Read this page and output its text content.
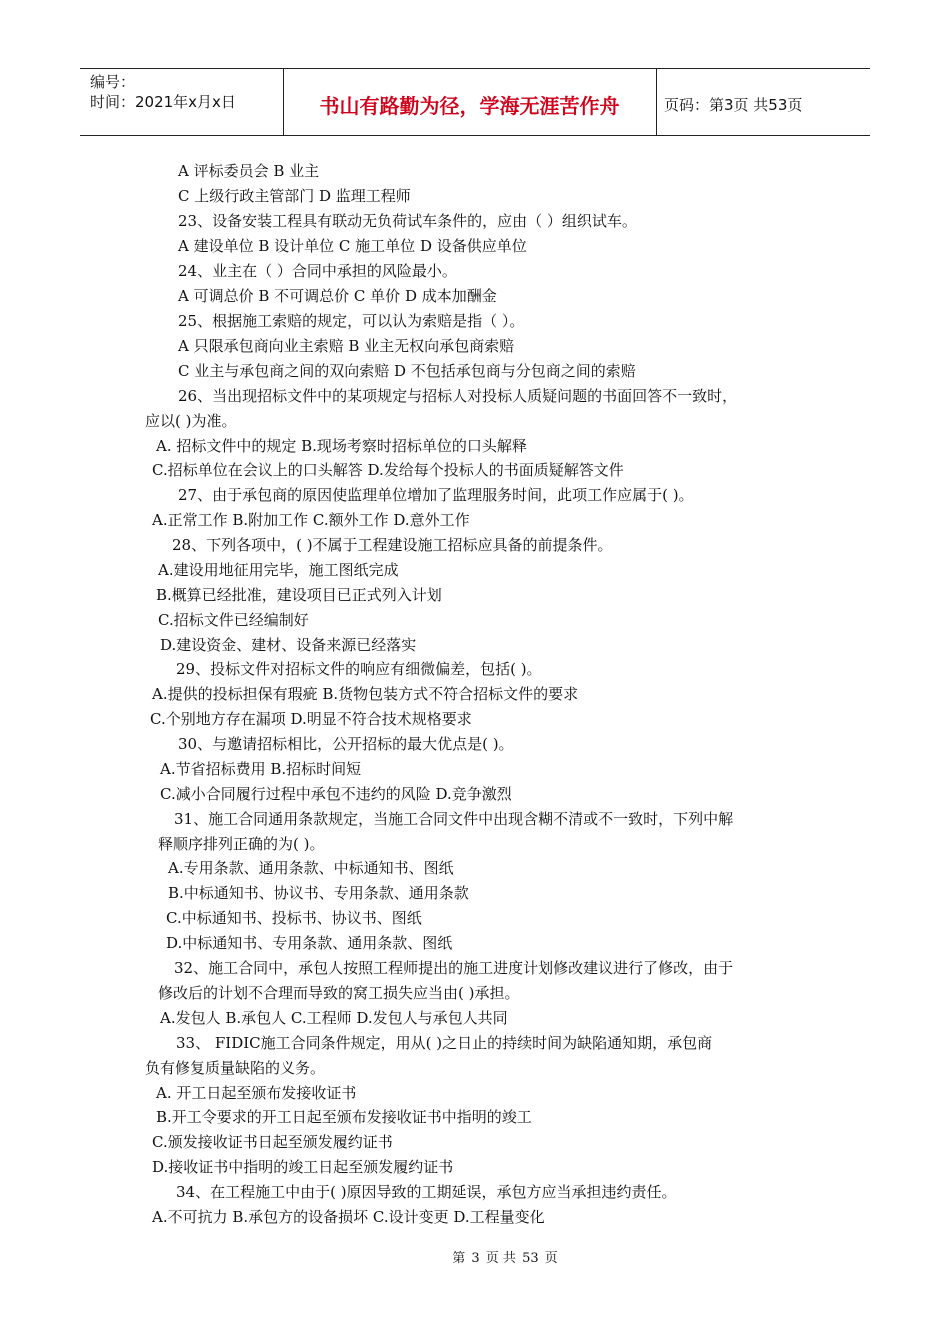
编号：
时间：2021年x月x日	书山有路勤为径，学海无涯苦作舟	页码：第3页 共53页
A 评标委员会 B 业主
C 上级行政主管部门 D 监理工程师
23、设备安装工程具有联动无负荷试车条件的，应由（ ）组织试车。
A 建设单位 B 设计单位 C 施工单位 D 设备供应单位
24、业主在（ ）合同中承担的风险最小。
A 可调总价 B 不可调总价 C 单价 D 成本加酬金
25、根据施工索赔的规定，可以认为索赔是指（ ）。
A 只限承包商向业主索赔 B 业主无权向承包商索赔
C 业主与承包商之间的双向索赔 D 不包括承包商与分包商之间的索赔
26、当出现招标文件中的某项规定与招标人对投标人质疑问题的书面回答不一致时，
应以( )为准。
A. 招标文件中的规定 B.现场考察时招标单位的口头解释
C.招标单位在会议上的口头解答 D.发给每个投标人的书面质疑解答文件
27、由于承包商的原因使监理单位增加了监理服务时间，此项工作应属于( )。
A.正常工作 B.附加工作 C.额外工作 D.意外工作
28、下列各项中，( )不属于工程建设施工招标应具备的前提条件。
A.建设用地征用完毕，施工图纸完成
B.概算已经批准，建设项目已正式列入计划
C.招标文件已经编制好
D.建设资金、建材、设备来源已经落实
29、投标文件对招标文件的响应有细微偏差，包括( )。
A.提供的投标担保有瑕疵 B.货物包装方式不符合招标文件的要求
C.个别地方存在漏项 D.明显不符合技术规格要求
30、与邀请招标相比，公开招标的最大优点是( )。
A.节省招标费用 B.招标时间短
C.减小合同履行过程中承包不违约的风险 D.竞争激烈
31、施工合同通用条款规定，当施工合同文件中出现含糊不清或不一致时，下列中解
释顺序排列正确的为( )。
A.专用条款、通用条款、中标通知书、图纸
B.中标通知书、协议书、专用条款、通用条款
C.中标通知书、投标书、协议书、图纸
D.中标通知书、专用条款、通用条款、图纸
32、施工合同中，承包人按照工程师提出的施工进度计划修改建议进行了修改，由于
修改后的计划不合理而导致的窝工损失应当由( )承担。
A.发包人 B.承包人 C.工程师 D.发包人与承包人共同
33、 FIDIC施工合同条件规定，用从( )之日止的持续时间为缺陷通知期，承包商
负有修复质量缺陷的义务。
A. 开工日起至颁布发接收证书
B.开工令要求的开工日起至颁布发接收证书中指明的竣工
C.颁发接收证书日起至颁发履约证书
D.接收证书中指明的竣工日起至颁发履约证书
34、在工程施工中由于( )原因导致的工期延误，承包方应当承担违约责任。
A.不可抗力 B.承包方的设备损坏 C.设计变更 D.工程量变化
第 3 页 共 53 页
